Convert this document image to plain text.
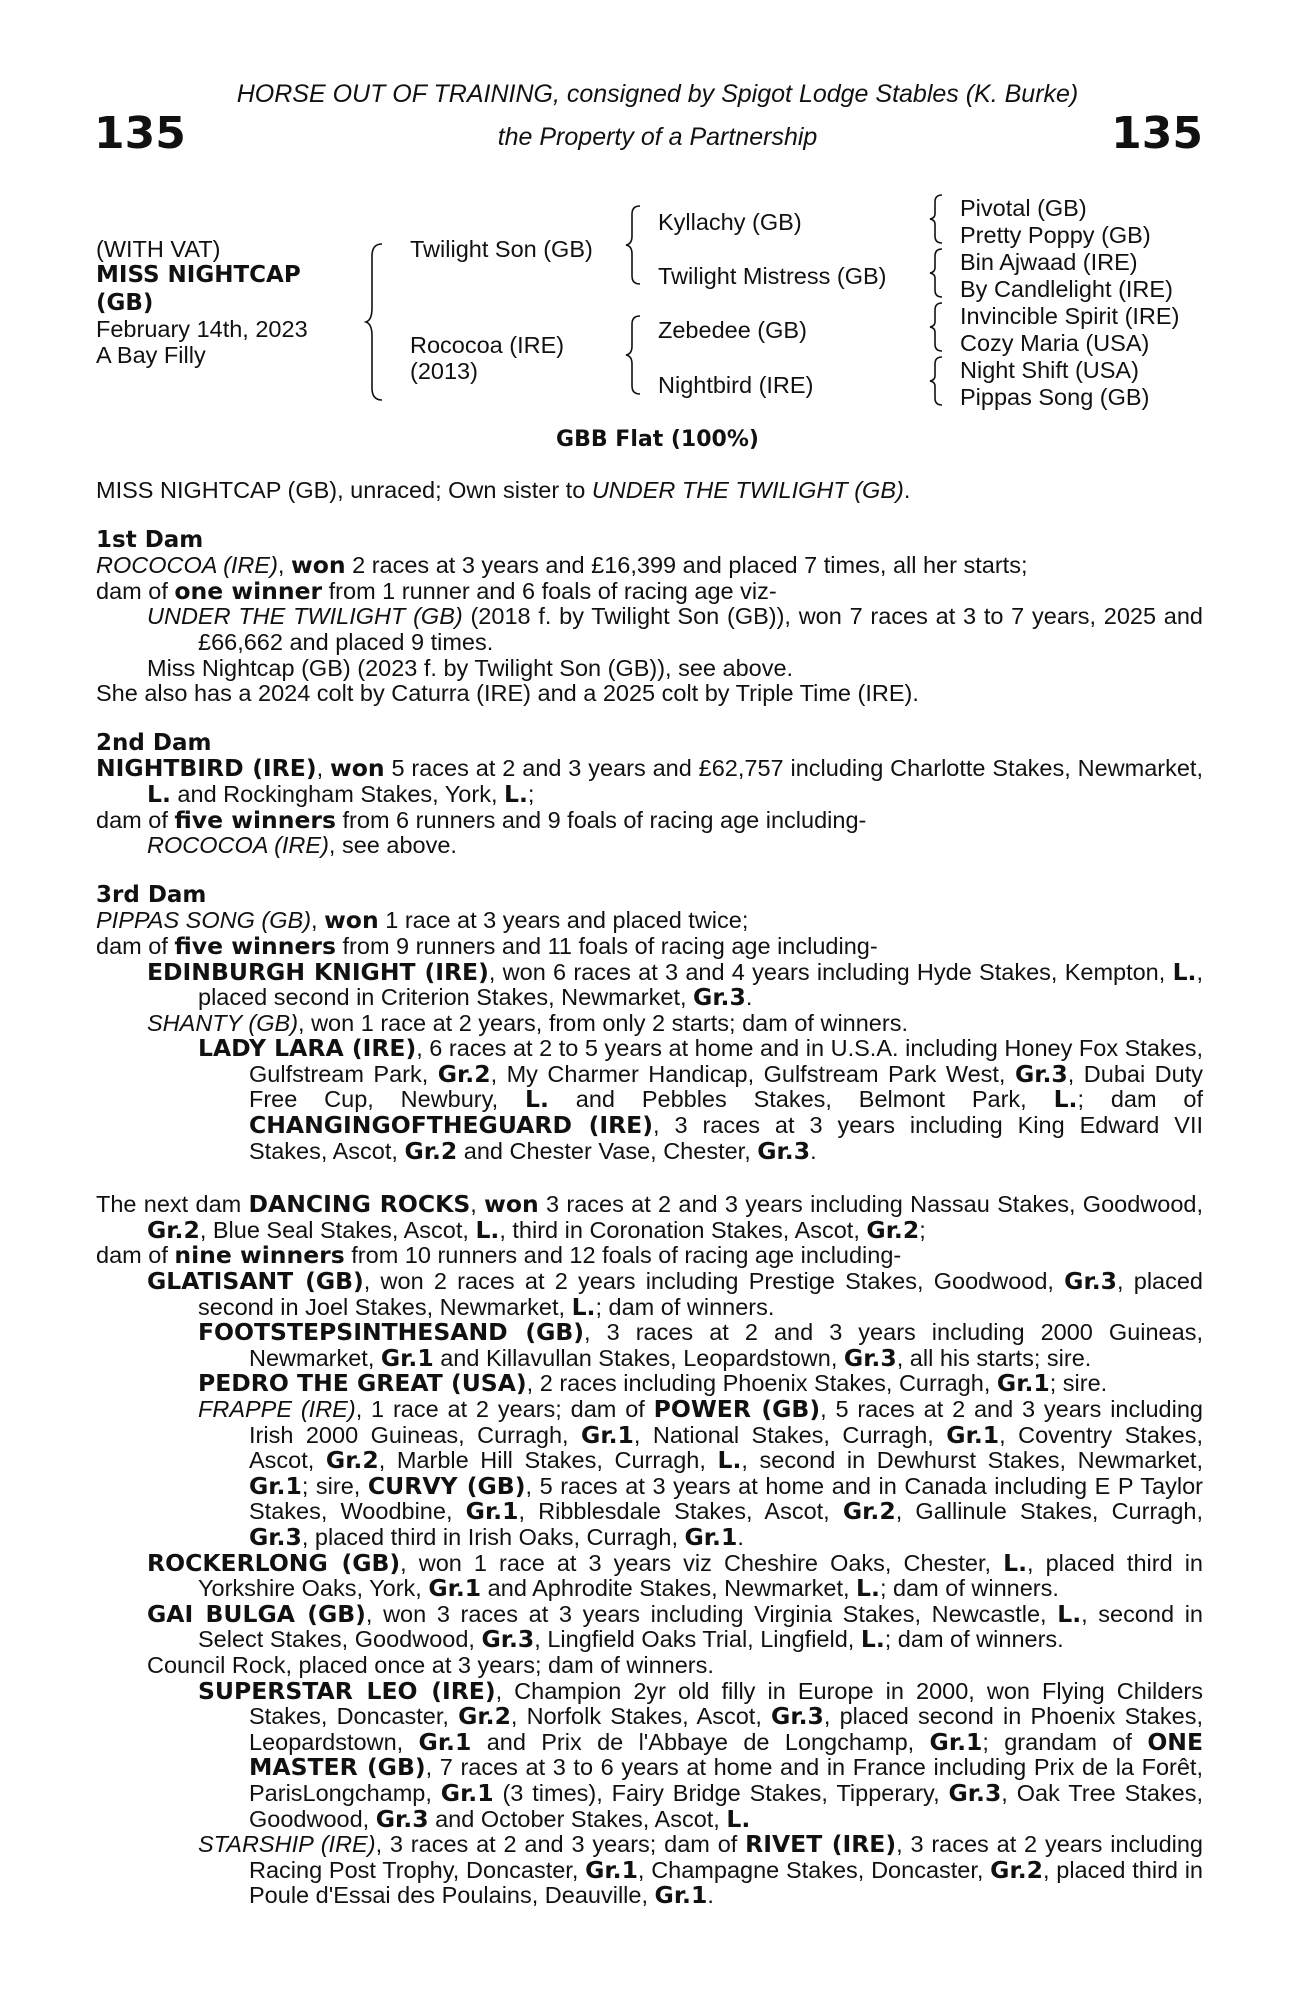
HORSE OUT OF TRAINING, consigned by Spigot Lodge Stables (K. Burke)
135	the Property of a Partnership	135
(WITH VAT)
MISS NIGHTCAP
(GB)
February 14th, 2023
A Bay Filly
Twilight Son (GB)
Rococoa (IRE)
(2013)
Kyllachy (GB)
Twilight Mistress (GB)
Zebedee (GB)
Nightbird (IRE)
Pivotal (GB)
Pretty Poppy (GB)
Bin Ajwaad (IRE)
By Candlelight (IRE)
Invincible Spirit (IRE)
Cozy Maria (USA)
Night Shift (USA)
Pippas Song (GB)
GBB Flat (100%)

MISS NIGHTCAP (GB), unraced; Own sister to UNDER THE TWILIGHT (GB).

1st Dam

ROCOCOA (IRE), won 2 races at 3 years and £16,399 and placed 7 times, all her starts;

dam of one winner from 1 runner and 6 foals of racing age viz-

UNDER THE TWILIGHT (GB) (2018 f. by Twilight Son (GB)), won 7 races at 3 to 7 years, 2025 and £66,662 and placed 9 times.

Miss Nightcap (GB) (2023 f. by Twilight Son (GB)), see above.

She also has a 2024 colt by Caturra (IRE) and a 2025 colt by Triple Time (IRE).

2nd Dam

NIGHTBIRD (IRE), won 5 races at 2 and 3 years and £62,757 including Charlotte Stakes, Newmarket, L. and Rockingham Stakes, York, L.;

dam of five winners from 6 runners and 9 foals of racing age including-

ROCOCOA (IRE), see above.

3rd Dam

PIPPAS SONG (GB), won 1 race at 3 years and placed twice;

dam of five winners from 9 runners and 11 foals of racing age including-

EDINBURGH KNIGHT (IRE), won 6 races at 3 and 4 years including Hyde Stakes, Kempton, L., placed second in Criterion Stakes, Newmarket, Gr.3.

SHANTY (GB), won 1 race at 2 years, from only 2 starts; dam of winners.

LADY LARA (IRE), 6 races at 2 to 5 years at home and in U.S.A. including Honey Fox Stakes, Gulfstream Park, Gr.2, My Charmer Handicap, Gulfstream Park West, Gr.3, Dubai Duty Free Cup, Newbury, L. and Pebbles Stakes, Belmont Park, L.; dam of CHANGINGOFTHEGUARD (IRE), 3 races at 3 years including King Edward VII Stakes, Ascot, Gr.2 and Chester Vase, Chester, Gr.3.

The next dam DANCING ROCKS, won 3 races at 2 and 3 years including Nassau Stakes, Goodwood, Gr.2, Blue Seal Stakes, Ascot, L., third in Coronation Stakes, Ascot, Gr.2;

dam of nine winners from 10 runners and 12 foals of racing age including-

GLATISANT (GB), won 2 races at 2 years including Prestige Stakes, Goodwood, Gr.3, placed second in Joel Stakes, Newmarket, L.; dam of winners.

FOOTSTEPSINTHESAND (GB), 3 races at 2 and 3 years including 2000 Guineas, Newmarket, Gr.1 and Killavullan Stakes, Leopardstown, Gr.3, all his starts; sire.

PEDRO THE GREAT (USA), 2 races including Phoenix Stakes, Curragh, Gr.1; sire.

FRAPPE (IRE), 1 race at 2 years; dam of POWER (GB), 5 races at 2 and 3 years including Irish 2000 Guineas, Curragh, Gr.1, National Stakes, Curragh, Gr.1, Coventry Stakes, Ascot, Gr.2, Marble Hill Stakes, Curragh, L., second in Dewhurst Stakes, Newmarket, Gr.1; sire, CURVY (GB), 5 races at 3 years at home and in Canada including E P Taylor Stakes, Woodbine, Gr.1, Ribblesdale Stakes, Ascot, Gr.2, Gallinule Stakes, Curragh, Gr.3, placed third in Irish Oaks, Curragh, Gr.1.

ROCKERLONG (GB), won 1 race at 3 years viz Cheshire Oaks, Chester, L., placed third in Yorkshire Oaks, York, Gr.1 and Aphrodite Stakes, Newmarket, L.; dam of winners.

GAI BULGA (GB), won 3 races at 3 years including Virginia Stakes, Newcastle, L., second in Select Stakes, Goodwood, Gr.3, Lingfield Oaks Trial, Lingfield, L.; dam of winners.

Council Rock, placed once at 3 years; dam of winners.

SUPERSTAR LEO (IRE), Champion 2yr old filly in Europe in 2000, won Flying Childers Stakes, Doncaster, Gr.2, Norfolk Stakes, Ascot, Gr.3, placed second in Phoenix Stakes, Leopardstown, Gr.1 and Prix de l'Abbaye de Longchamp, Gr.1; grandam of ONE MASTER (GB), 7 races at 3 to 6 years at home and in France including Prix de la Forêt, ParisLongchamp, Gr.1 (3 times), Fairy Bridge Stakes, Tipperary, Gr.3, Oak Tree Stakes, Goodwood, Gr.3 and October Stakes, Ascot, L.

STARSHIP (IRE), 3 races at 2 and 3 years; dam of RIVET (IRE), 3 races at 2 years including Racing Post Trophy, Doncaster, Gr.1, Champagne Stakes, Doncaster, Gr.2, placed third in Poule d'Essai des Poulains, Deauville, Gr.1.
